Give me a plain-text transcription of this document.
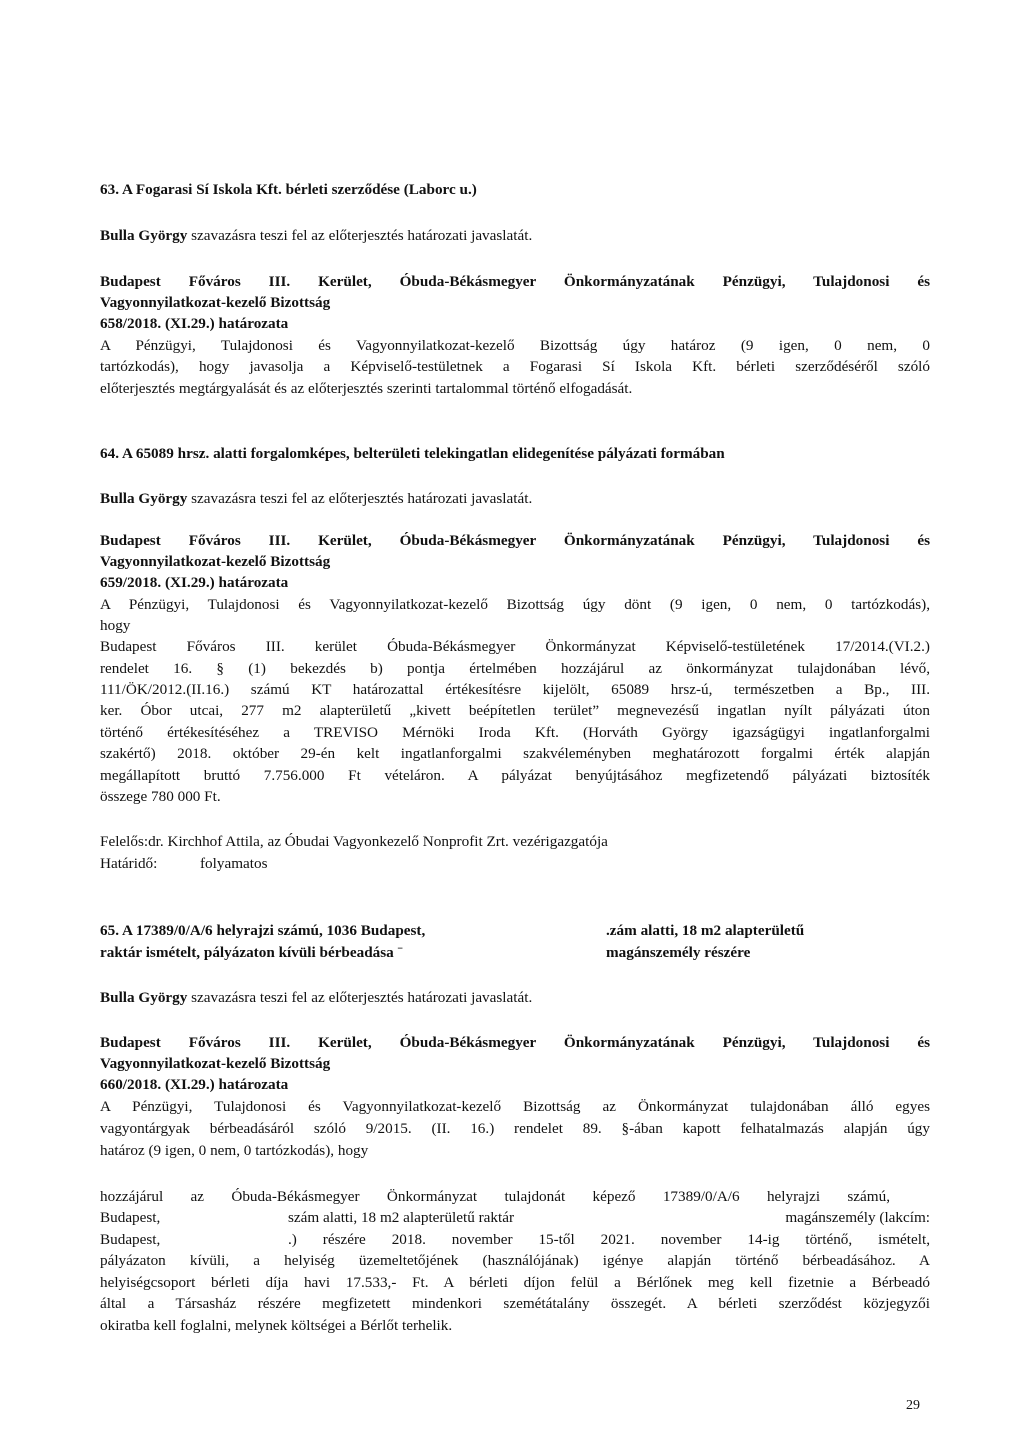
63. A Fogarasi Sí Iskola Kft. bérleti szerződése (Laborc u.)
Bulla György szavazásra teszi fel az előterjesztés határozati javaslatát.
Budapest Főváros III. Kerület, Óbuda-Békásmegyer Önkormányzatának Pénzügyi, Tulajdonosi és
Vagyonnyilatkozat-kezelő Bizottság
658/2018. (XI.29.) határozata
A Pénzügyi, Tulajdonosi és Vagyonnyilatkozat-kezelő Bizottság úgy határoz (9 igen, 0 nem, 0
tartózkodás), hogy javasolja a Képviselő-testületnek a Fogarasi Sí Iskola Kft. bérleti szerződéséről szóló
előterjesztés megtárgyalását és az előterjesztés szerinti tartalommal történő elfogadását.
64. A 65089 hrsz. alatti forgalomképes, belterületi telekingatlan elidegenítése pályázati formában
Bulla György szavazásra teszi fel az előterjesztés határozati javaslatát.
Budapest Főváros III. Kerület, Óbuda-Békásmegyer Önkormányzatának Pénzügyi, Tulajdonosi és
Vagyonnyilatkozat-kezelő Bizottság
659/2018. (XI.29.) határozata
A Pénzügyi, Tulajdonosi és Vagyonnyilatkozat-kezelő Bizottság úgy dönt (9 igen, 0 nem, 0 tartózkodás),
hogy
Budapest Főváros III. kerület Óbuda-Békásmegyer Önkormányzat Képviselő-testületének 17/2014.(VI.2.)
rendelet 16. § (1) bekezdés b) pontja értelmében hozzájárul az önkormányzat tulajdonában lévő,
111/ÖK/2012.(II.16.) számú KT határozattal értékesítésre kijelölt, 65089 hrsz-ú, természetben a Bp., III.
ker. Óbor utcai, 277 m2 alapterületű „kivett beépítetlen terület” megnevezésű ingatlan nyílt pályázati úton
történő értékesítéséhez a TREVISO Mérnöki Iroda Kft. (Horváth György igazságügyi ingatlanforgalmi
szakértő) 2018. október 29-én kelt ingatlanforgalmi szakvéleményben meghatározott forgalmi érték alapján
megállapított bruttó 7.756.000 Ft vételáron. A pályázat benyújtásához megfizetendő pályázati biztosíték
összege 780 000 Ft.
Felelős:dr. Kirchhof Attila, az Óbudai Vagyonkezelő Nonprofit Zrt. vezérigazgatója
Határidő:	folyamatos
65. A 17389/0/A/6 helyrajzi számú, 1036 Budapest,	.zám alatti, 18 m2 alapterületű
raktár ismételt, pályázaton kívüli bérbeadása ˉ	magánszemély részére
Bulla György szavazásra teszi fel az előterjesztés határozati javaslatát.
Budapest Főváros III. Kerület, Óbuda-Békásmegyer Önkormányzatának Pénzügyi, Tulajdonosi és
Vagyonnyilatkozat-kezelő Bizottság
660/2018. (XI.29.) határozata
A Pénzügyi, Tulajdonosi és Vagyonnyilatkozat-kezelő Bizottság az Önkormányzat tulajdonában álló egyes
vagyontárgyak bérbeadásáról szóló 9/2015. (II. 16.) rendelet 89. §-ában kapott felhatalmazás alapján úgy
határoz (9 igen, 0 nem, 0 tartózkodás), hogy
hozzájárul az Óbuda-Békásmegyer Önkormányzat tulajdonát képező 17389/0/A/6 helyrajzi számú,
Budapest,	szám alatti, 18 m2 alapterületű raktár	magánszemély (lakcím:
Budapest,	.) részére 2018. november 15-től 2021. november 14-ig történő, ismételt,
pályázaton kívüli, a helyiség üzemeltetőjének (használójának) igénye alapján történő bérbeadásához. A
helyiségcsoport bérleti díja havi 17.533,- Ft. A bérleti díjon felül a Bérlőnek meg kell fizetnie a Bérbeadó
által a Társasház részére megfizetett mindenkori szemétátalány összegét. A bérleti szerződést közjegyzői
okiratba kell foglalni, melynek költségei a Bérlőt terhelik.
29
